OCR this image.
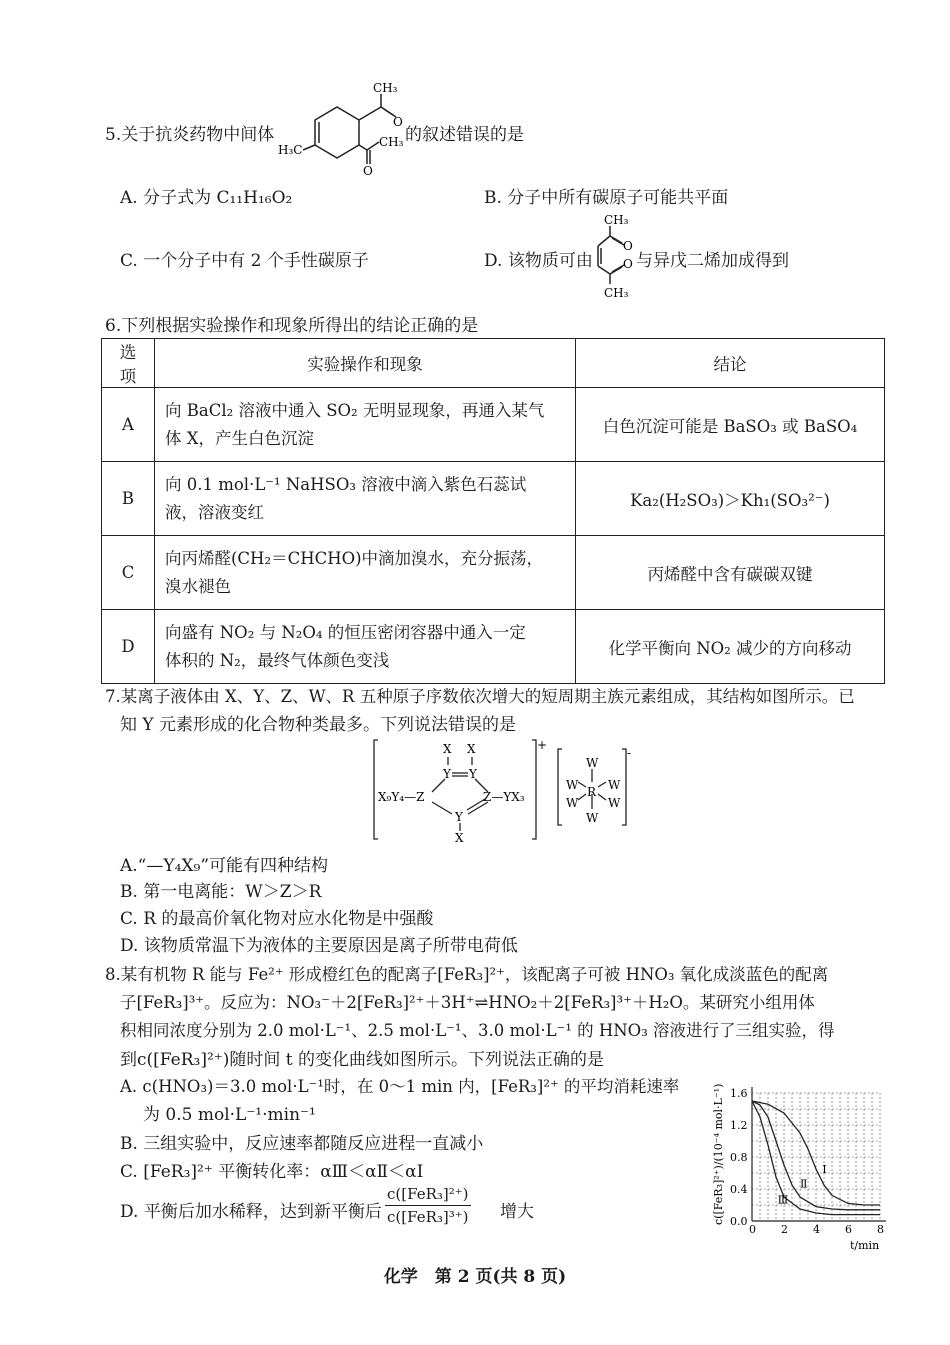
5.关于抗炎药物中间体
CH₃
O
CH₃
O
H₃C
的叙述错误的是
A. 分子式为 C₁₁H₁₆O₂	B. 分子中所有碳原子可能共平面
C. 一个分子中有 2 个手性碳原子	D. 该物质可由
CH₃
O
O
CH₃
与异戊二烯加成得到
6.下列根据实验操作和现象所得出的结论正确的是
选项	实验操作和现象	结论
A	向 BaCl₂ 溶液中通入 SO₂ 无明显现象，再通入某气
体 X，产生白色沉淀	白色沉淀可能是 BaSO₃ 或 BaSO₄
B	向 0.1 mol·L⁻¹ NaHSO₃ 溶液中滴入紫色石蕊试
液，溶液变红	Ka₂(H₂SO₃)＞Kh₁(SO₃²⁻)
C	向丙烯醛(CH₂＝CHCHO)中滴加溴水，充分振荡，
溴水褪色	丙烯醛中含有碳碳双键
D	向盛有 NO₂ 与 N₂O₄ 的恒压密闭容器中通入一定
体积的 N₂，最终气体颜色变浅	化学平衡向 NO₂ 减少的方向移动
7.某离子液体由 X、Y、Z、W、R 五种原子序数依次增大的短周期主族元素组成，其结构如图所示。已
知 Y 元素形成的化合物种类最多。下列说法错误的是
X X
Y Y
X₉Y₄—Z	Z—YX₃
Y
X
+
-
W
W W
R
W W
W
A.“—Y₄X₉”可能有四种结构
B. 第一电离能：W＞Z＞R
C. R 的最高价氧化物对应水化物是中强酸
D. 该物质常温下为液体的主要原因是离子所带电荷低
8.某有机物 R 能与 Fe²⁺ 形成橙红色的配离子[FeR₃]²⁺，该配离子可被 HNO₃ 氧化成淡蓝色的配离
子[FeR₃]³⁺。反应为：NO₃⁻＋2[FeR₃]²⁺＋3H⁺⇌HNO₂＋2[FeR₃]³⁺＋H₂O。某研究小组用体
积相同浓度分别为 2.0 mol·L⁻¹、2.5 mol·L⁻¹、3.0 mol·L⁻¹ 的 HNO₃ 溶液进行了三组实验，得
到c([FeR₃]²⁺)随时间 t 的变化曲线如图所示。下列说法正确的是
A. c(HNO₃)＝3.0 mol·L⁻¹时，在 0～1 min 内，[FeR₃]²⁺ 的平均消耗速率
为 0.5 mol·L⁻¹·min⁻¹
B. 三组实验中，反应速率都随反应进程一直减小
C. [FeR₃]²⁺ 平衡转化率：αⅢ＜αⅡ＜αⅠ
D. 平衡后加水稀释，达到新平衡后
c([FeR₃]²⁺)
c([FeR₃]³⁺) 增大	c([FeR₃]²⁺)/(10⁻⁴ mol·L⁻¹)
t/min
0 2 4 6 8
0.0
0.4
0.8
1.2
1.6
Ⅰ
Ⅱ
Ⅲ
化学　第 2 页(共 8 页)
